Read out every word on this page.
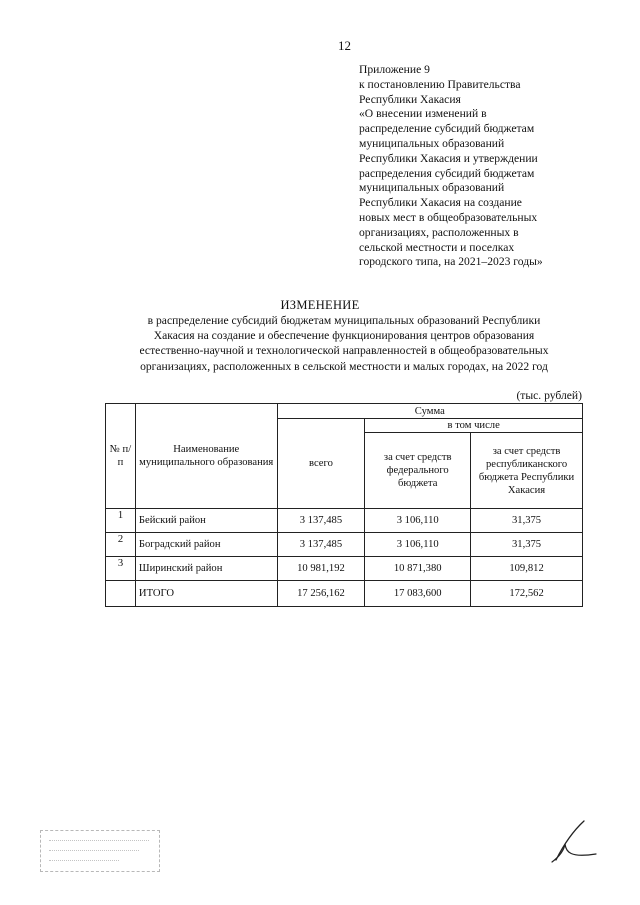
12
Приложение 9
к постановлению Правительства
Республики Хакасия
«О внесении изменений в
распределение субсидий бюджетам
муниципальных образований
Республики Хакасия и утверждении
распределения субсидий бюджетам
муниципальных образований
Республики Хакасия на создание
новых мест в общеобразовательных
организациях, расположенных в
сельской местности и поселках
городского типа, на 2021–2023 годы»
ИЗМЕНЕНИЕ
в распределение субсидий бюджетам муниципальных образований Республики
Хакасия на создание и обеспечение функционирования центров образования
естественно-научной и технологической направленностей в общеобразовательных
организациях, расположенных в сельской местности и малых городах, на 2022 год
(тыс. рублей)
№ п/п	Наименование муниципального образования	Сумма		
		всего	в том числе	
			за счет средств федерального бюджета	за счет средств республиканского бюджета Республики Хакасия
1	Бейский район	3 137,485	3 106,110	31,375
2	Боградский район	3 137,485	3 106,110	31,375
3	Ширинский район	10 981,192	10 871,380	109,812
	ИТОГО	17 256,162	17 083,600	172,562
